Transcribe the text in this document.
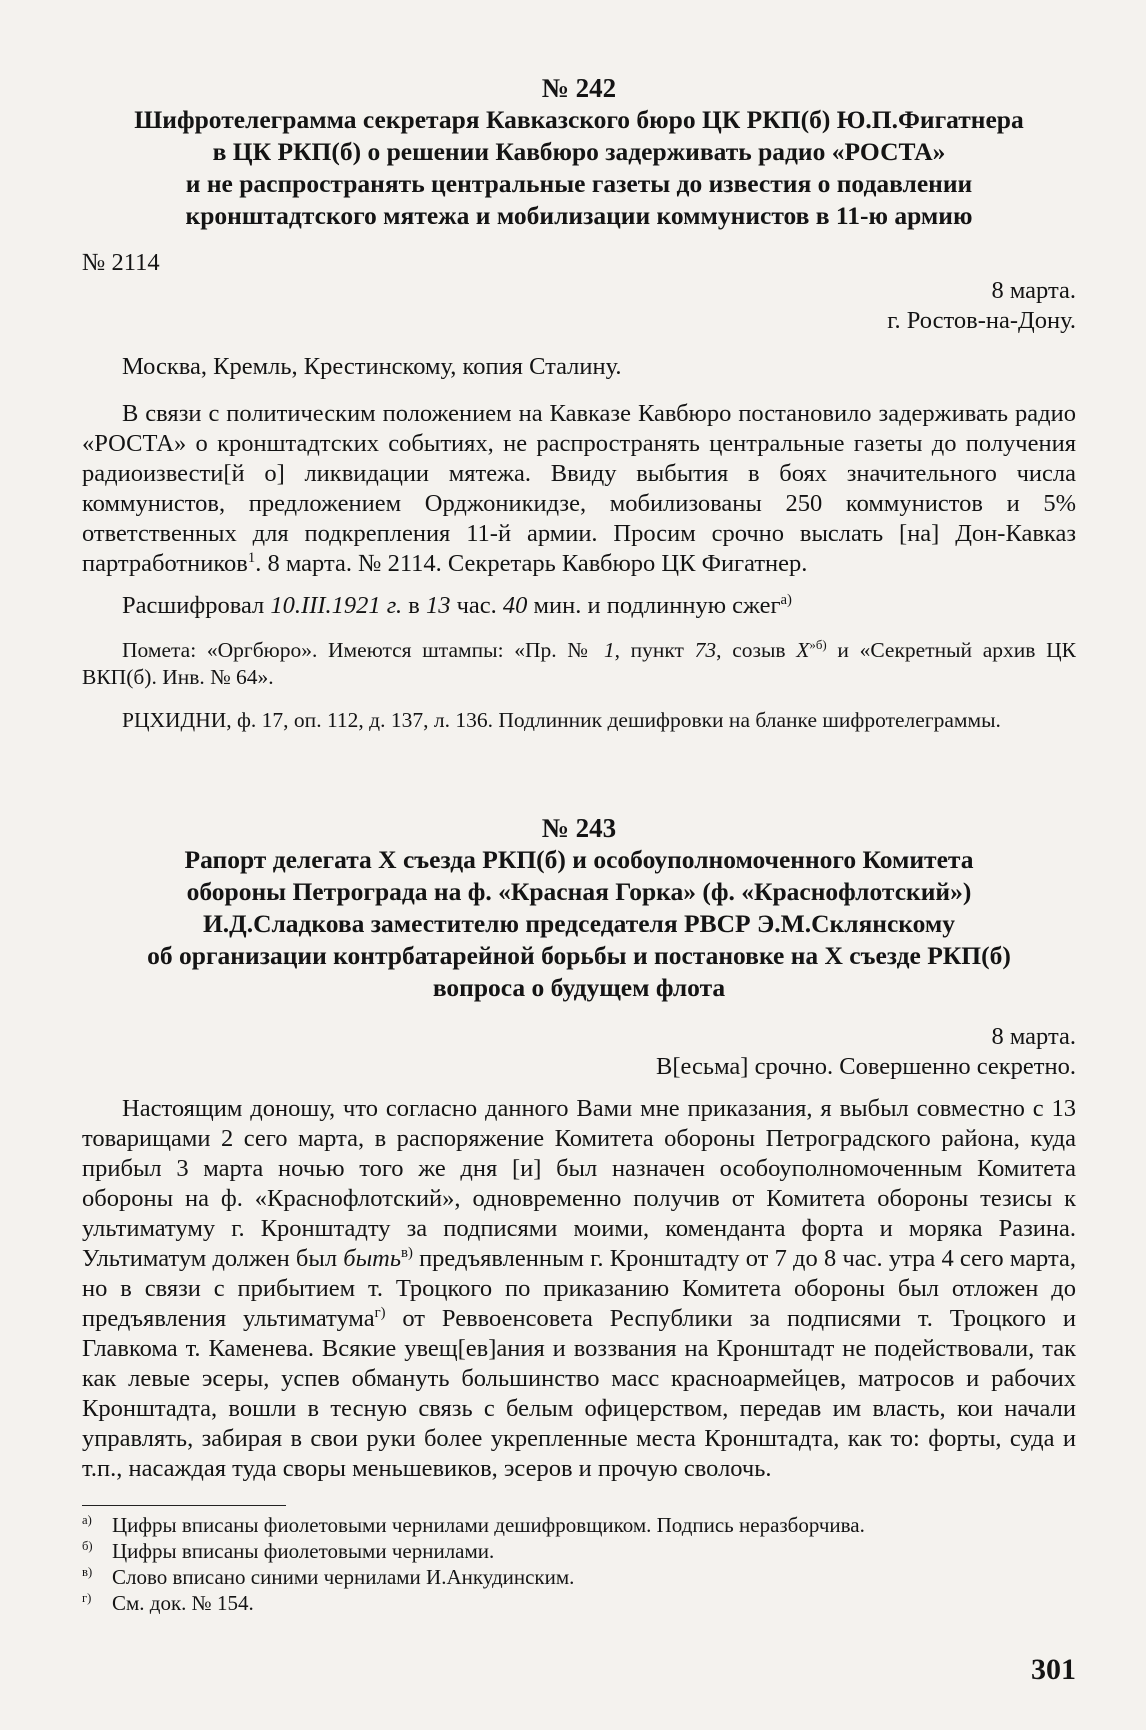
№ 242
Шифротелеграмма секретаря Кавказского бюро ЦК РКП(б) Ю.П.Фигатнера
в ЦК РКП(б) о решении Кавбюро задерживать радио «РОСТА»
и не распространять центральные газеты до известия о подавлении
кронштадтского мятежа и мобилизации коммунистов в 11-ю армию
№ 2114
8 марта.
г. Ростов-на-Дону.
Москва, Кремль, Крестинскому, копия Сталину.
В связи с политическим положением на Кавказе Кавбюро постановило задерживать радио «РОСТА» о кронштадтских событиях, не распространять центральные газеты до получения радиоизвести[й о] ликвидации мятежа. Ввиду выбытия в боях значительного числа коммунистов, предложением Орджоникидзе, мобилизованы 250 коммунистов и 5% ответственных для подкрепления 11-й армии. Просим срочно выслать [на] Дон-Кавказ партработников$^1$. 8 марта. № 2114. Секретарь Кавбюро ЦК Фигатнер.
Расшифровал 10.III.1921 г. в 13 час. 40 мин. и подлинную сжег$^{а)}$
Помета: «Оргбюро». Имеются штампы: «Пр. № 1, пункт 73, созыв $X^{»б)}$ и «Секретный архив ЦК ВКП(б). Инв. № 64».
РЦХИДНИ, ф. 17, оп. 112, д. 137, л. 136. Подлинник дешифровки на бланке шифротелеграммы.
№ 243
Рапорт делегата X съезда РКП(б) и особоуполномоченного Комитета
обороны Петрограда на ф. «Красная Горка» (ф. «Краснофлотский»)
И.Д.Сладкова заместителю председателя РВСР Э.М.Склянскому
об организации контрбатарейной борьбы и постановке на X съезде РКП(б)
вопроса о будущем флота
8 марта.
В[есьма] срочно. Совершенно секретно.
Настоящим доношу, что согласно данного Вами мне приказания, я выбыл совместно с 13 товарищами 2 сего марта, в распоряжение Комитета обороны Петроградского района, куда прибыл 3 марта ночью того же дня [и] был назначен особоуполномоченным Комитета обороны на ф. «Краснофлотский», одновременно получив от Комитета обороны тезисы к ультиматуму г. Кронштадту за подписями моими, коменданта форта и моряка Разина. Ультиматум должен был быть$^{в)}$ предъявленным г. Кронштадту от 7 до 8 час. утра 4 сего марта, но в связи с прибытием т. Троцкого по приказанию Комитета обороны был отложен до предъявления ультиматума$^{г)}$ от Реввоенсовета Республики за подписями т. Троцкого и Главкома т. Каменева. Всякие увещ[ев]ания и воззвания на Кронштадт не подействовали, так как левые эсеры, успев обмануть большинство масс красноармейцев, матросов и рабочих Кронштадта, вошли в тесную связь с белым офицерством, передав им власть, кои начали управлять, забирая в свои руки более укрепленные места Кронштадта, как то: форты, суда и т.п., насаждая туда своры меньшевиков, эсеров и прочую сволочь.
$^{а)}$ Цифры вписаны фиолетовыми чернилами дешифровщиком. Подпись неразборчива.
$^{б)}$ Цифры вписаны фиолетовыми чернилами.
$^{в)}$ Слово вписано синими чернилами И.Анкудинским.
$^{г)}$ См. док. № 154.
301
